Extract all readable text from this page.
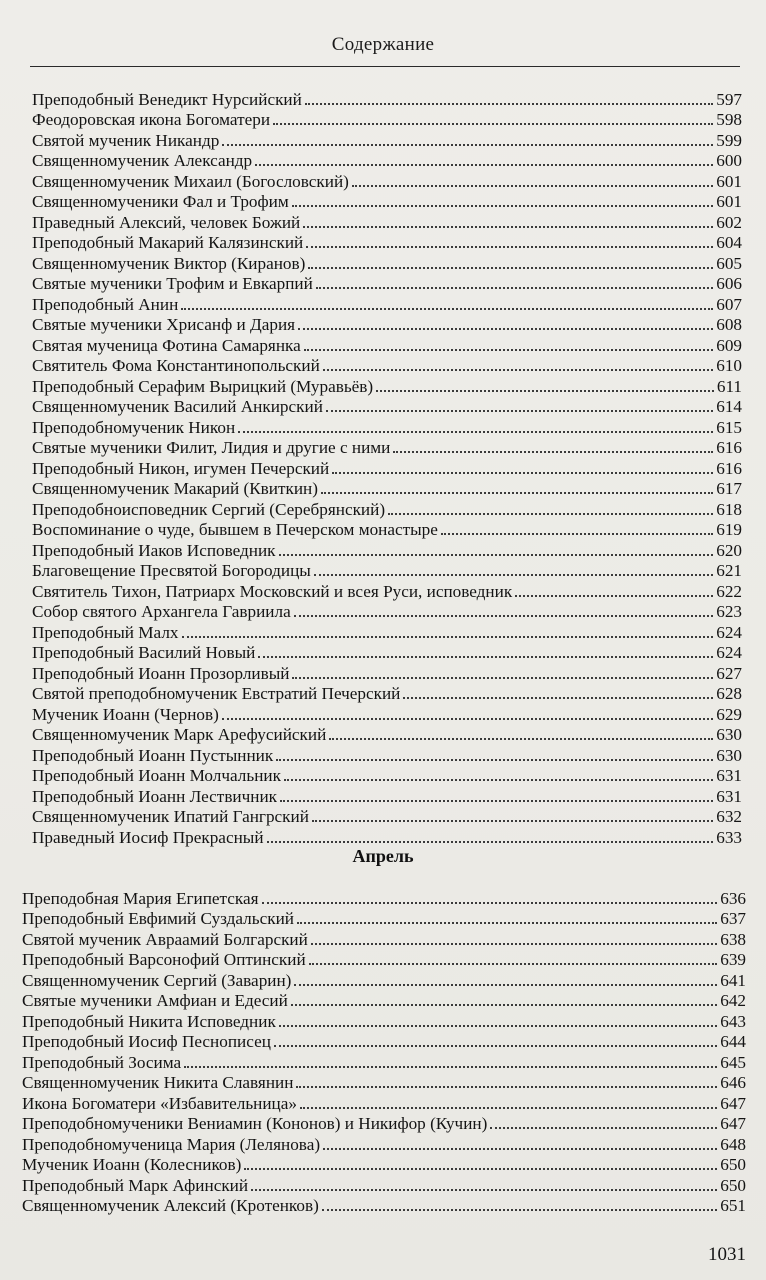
Содержание
Преподобный Венедикт Нурсийский	597
Феодоровская икона Богоматери	598
Святой мученик Никандр	599
Священномученик Александр	600
Священномученик Михаил (Богословский)	601
Священномученики Фал и Трофим	601
Праведный Алексий, человек Божий	602
Преподобный Макарий Калязинский	604
Священномученик Виктор (Киранов)	605
Святые мученики Трофим и Евкарпий	606
Преподобный Анин	607
Святые мученики Хрисанф и Дария	608
Святая мученица Фотина Самарянка	609
Святитель Фома Константинопольский	610
Преподобный Серафим Вырицкий (Муравьёв)	611
Священномученик Василий Анкирский	614
Преподобномученик Никон	615
Святые мученики Филит, Лидия и другие с ними	616
Преподобный Никон, игумен Печерский	616
Священномученик Макарий (Квиткин)	617
Преподобноисповедник Сергий (Серебрянский)	618
Воспоминание о чуде, бывшем в Печерском монастыре	619
Преподобный Иаков Исповедник	620
Благовещение Пресвятой Богородицы	621
Святитель Тихон, Патриарх Московский и всея Руси, исповедник	622
Собор святого Архангела Гавриила	623
Преподобный Малх	624
Преподобный Василий Новый	624
Преподобный Иоанн Прозорливый	627
Святой преподобномученик Евстратий Печерский	628
Мученик Иоанн (Чернов)	629
Священномученик Марк Арефусийский	630
Преподобный Иоанн Пустынник	630
Преподобный Иоанн Молчальник	631
Преподобный Иоанн Лествичник	631
Священномученик Ипатий Гангрский	632
Праведный Иосиф Прекрасный	633
Апрель
Преподобная Мария Египетская	636
Преподобный Евфимий Суздальский	637
Святой мученик Авраамий Болгарский	638
Преподобный Варсонофий Оптинский	639
Священномученик Сергий (Заварин)	641
Святые мученики Амфиан и Едесий	642
Преподобный Никита Исповедник	643
Преподобный Иосиф Песнописец	644
Преподобный Зосима	645
Священномученик Никита Славянин	646
Икона Богоматери «Избавительница»	647
Преподобномученики Вениамин (Кононов) и Никифор (Кучин)	647
Преподобномученица Мария (Лелянова)	648
Мученик Иоанн (Колесников)	650
Преподобный Марк Афинский	650
Священномученик Алексий (Кротенков)	651
1031
